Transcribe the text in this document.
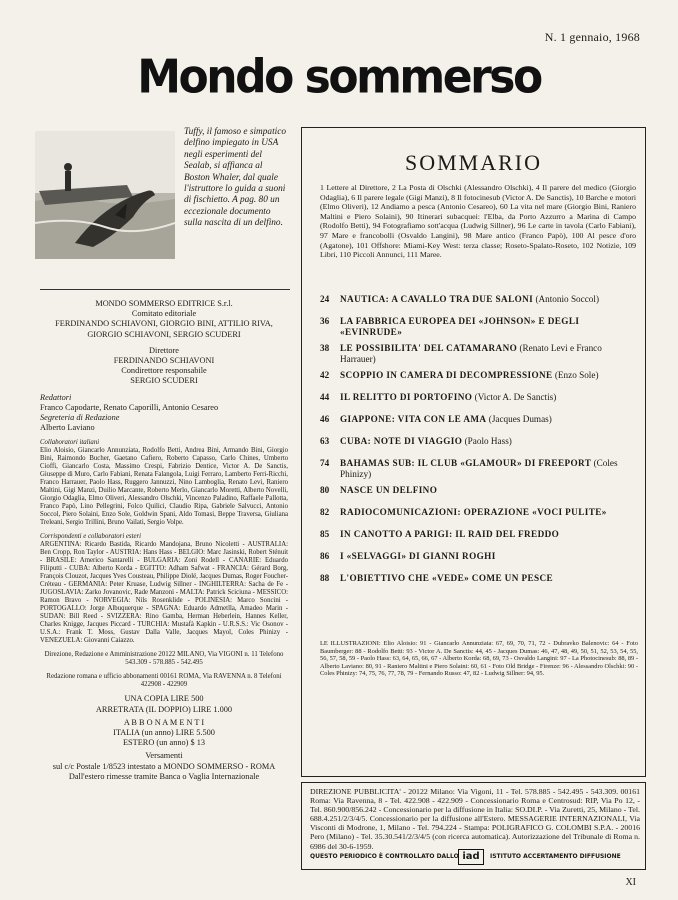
N. 1 gennaio, 1968
Mondo sommerso
Tuffy, il famoso e simpatico delfino impiegato in USA negli esperimenti del Sealab, si affianca al Boston Whaler, dal quale l'istruttore lo guida a suoni di fischietto. A pag. 80 un eccezionale documento sulla nascita di un delfino.
MONDO SOMMERSO EDITRICE S.r.l.
Comitato editoriale
FERDINANDO SCHIAVONI, GIORGIO BINI, ATTILIO RIVA, GIORGIO SCHIAVONI, SERGIO SCUDERI
Direttore
FERDINANDO SCHIAVONI
Condirettore responsabile
SERGIO SCUDERI
Redattori
Franco Capodarte, Renato Caporilli, Antonio Cesareo
Segreteria di Redazione
Alberto Laviano
Collaboratori italiani
Elio Aloisio, Giancarlo Annunziata, Rodolfo Betti, Andrea Bini, Armando Bini, Giorgio Bini, Raimondo Bucher, Gaetano Cafiero, Roberto Capasso, Carlo Chines, Umberto Cioffi, Giancarlo Costa, Massimo Crespi, Fabrizio Dentice, Victor A. De Sanctis, Giuseppe di Muro, Carlo Fabiani, Renata Falangola, Luigi Ferraro, Lamberto Ferri-Ricchi, Franco Harrauer, Paolo Hass, Ruggero Jannuzzi, Nino Lamboglia, Renato Levi, Raniero Maltini, Gigi Manzi, Duilio Marcante, Roberto Merlo, Giancarlo Moretti, Alberto Novelli, Giorgio Odaglia, Elmo Oliveri, Alessandro Olschki, Vincenzo Paladino, Raffaele Pallotta, Franco Papò, Lino Pellegrini, Folco Quilici, Claudio Ripa, Gabriele Salvucci, Antonio Soccol, Piero Solaini, Enzo Sole, Goldwin Spani, Aldo Tomasi, Beppe Traversa, Giuliana Treleani, Sergio Trillini, Bruno Vailati, Sergio Volpe.
Corrispondenti e collaboratori esteri
ARGENTINA: Ricardo Bastida, Ricardo Mandojana, Bruno Nicoletti - AUSTRALIA: Ben Cropp, Ron Taylor - AUSTRIA: Hans Hass - BELGIO: Marc Jasinski, Robert Sténuit - BRASILE: Americo Santarelli - BULGARIA: Zoni Rodell - CANARIE: Eduardo Filiputti - CUBA: Alberto Korda - EGITTO: Adham Safwat - FRANCIA: Gérard Borg, François Clouzot, Jacques Yves Cousteau, Philippe Diolé, Jacques Dumas, Roger Foucher-Créteau - GERMANIA: Peter Kruase, Ludwig Sillner - INGHILTERRA: Sacha de Fe - JUGOSLAVIA: Zarko Jovanovic, Rade Manzoni - MALTA: Patrick Sciciuna - MESSICO: Ramon Bravo - NORVEGIA: Nils Rosenklide - POLINESIA: Marco Soncini - PORTOGALLO: Jorge Albuquerque - SPAGNA: Eduardo Admetlla, Amadeo Marin - SUDAN: Bill Reed - SVIZZERA: Rino Gamba, Herman Heberlein, Hannes Keller, Charles Knigge, Jacques Piccard - TURCHIA: Mustafà Kapkin - U.R.S.S.: Vic Osonov - U.S.A.: Frank T. Moss, Gustav Dalla Valle, Jacques Mayol, Coles Phinizy - VENEZUELA: Giovanni Caiazzo.
Direzione, Redazione e Amministrazione 20122 MILANO, Via VIGONI n. 11 Telefono 543.309 - 578.885 - 542.495
Redazione romana e ufficio abbonamenti 00161 ROMA, Via RAVENNA n. 8 Telefoni 422908 - 422909
UNA COPIA LIRE 500
ARRETRATA (IL DOPPIO) LIRE 1.000
A B B O N A M E N T I
ITALIA (un anno) LIRE 5.500
ESTERO (un anno) $ 13
Versamenti
sul c/c Postale 1/8523 intestato a MONDO SOMMERSO - ROMA Dall'estero rimesse tramite Banca o Vaglia Internazionale
SOMMARIO
1 Lettere al Direttore, 2 La Posta di Olschki (Alessandro Olschki), 4 Il parere del medico (Giorgio Odaglia), 6 Il parere legale (Gigi Manzi), 8 Il fotocinesub (Victor A. De Sanctis), 10 Barche e motori (Elmo Oliveri), 12 Andiamo a pesca (Antonio Cesareo), 60 La vita nel mare (Giorgio Bini, Raniero Maltini e Piero Solaini), 90 Itinerari subacquei: l'Elba, da Porto Azzurro a Marina di Campo (Rodolfo Betti), 94 Fotografiamo sott'acqua (Ludwig Sillner), 96 Le carte in tavola (Carlo Fabiani), 97 Mare e francobolli (Osvaldo Langini), 98 Mare antico (Franco Papò), 100 Al pesce d'oro (Agatone), 101 Offshore: Miami-Key West: terza classe; Roseto-Spalato-Roseto, 102 Notizie, 109 Libri, 110 Piccoli Annunci, 111 Maree.
24	NAUTICA: A CAVALLO TRA DUE SALONI (Antonio Soccol)
36	LA FABBRICA EUROPEA DEI «JOHNSON» E DEGLI «EVINRUDE»
38	LE POSSIBILITA' DEL CATAMARANO (Renato Levi e Franco Harrauer)
42	SCOPPIO IN CAMERA DI DECOMPRESSIONE (Enzo Sole)
44	IL RELITTO DI PORTOFINO (Victor A. De Sanctis)
46	GIAPPONE: VITA CON LE AMA (Jacques Dumas)
63	CUBA: NOTE DI VIAGGIO (Paolo Hass)
74	BAHAMAS SUB: IL CLUB «GLAMOUR» DI FREEPORT (Coles Phinizy)
80	NASCE UN DELFINO
82	RADIOCOMUNICAZIONI: OPERAZIONE «VOCI PULITE»
85	IN CANOTTO A PARIGI: IL RAID DEL FREDDO
86	I «SELVAGGI» DI GIANNI ROGHI
88	L'OBIETTIVO CHE «VEDE» COME UN PESCE
LE ILLUSTRAZIONI: Elio Aloisio: 91 - Giancarlo Annunziata: 67, 69, 70, 71, 72 - Dubravko Balenovic: 64 - Foto Baumberger: 88 - Rodolfo Betti: 93 - Victor A. De Sanctis: 44, 45 - Jacques Dumas: 46, 47, 48, 49, 50, 51, 52, 53, 54, 55, 56, 57, 58, 59 - Paolo Hass: 63, 64, 65, 66, 67 - Alberto Korda: 68, 69, 73 - Osvaldo Langini: 97 - La Photocinesub: 88, 89 - Alberto Laviano: 80, 91 - Raniero Maltini e Piero Solaini: 60, 61 - Foto Old Bridge - Firenze: 96 - Alessandro Olschki: 90 - Coles Phinizy: 74, 75, 76, 77, 78, 79 - Fernando Russo: 47, 82 - Ludwig Sillner: 94, 95.
DIREZIONE PUBBLICITA' - 20122 Milano: Via Vigoni, 11 - Tel. 578.885 - 542.495 - 543.309. 00161 Roma: Via Ravenna, 8 - Tel. 422.908 - 422.909 - Concessionario Roma e Centrosud: RIP, Via Po 12, - Tel. 860.900/856.242 - Concessionario per la diffusione in Italia: SO.DI.P. - Via Zuretti, 25, Milano - Tel. 688.4.251/2/3/4/5. Concessionario per la diffusione all'Estero. MESSAGERIE INTERNAZIONALI, Via Visconti di Modrone, 1, Milano - Tel. 794.224 - Stampa: POLIGRAFICO G. COLOMBI S.P.A. - 20016 Pero (Milano) - Tel. 35.30.541/2/3/4/5 (con ricerca automatica). Autorizzazione del Tribunale di Roma n. 6986 del 30-6-1959.
QUESTO PERIODICO È CONTROLLATO DALLO iad	ISTITUTO ACCERTAMENTO DIFFUSIONE
XI
